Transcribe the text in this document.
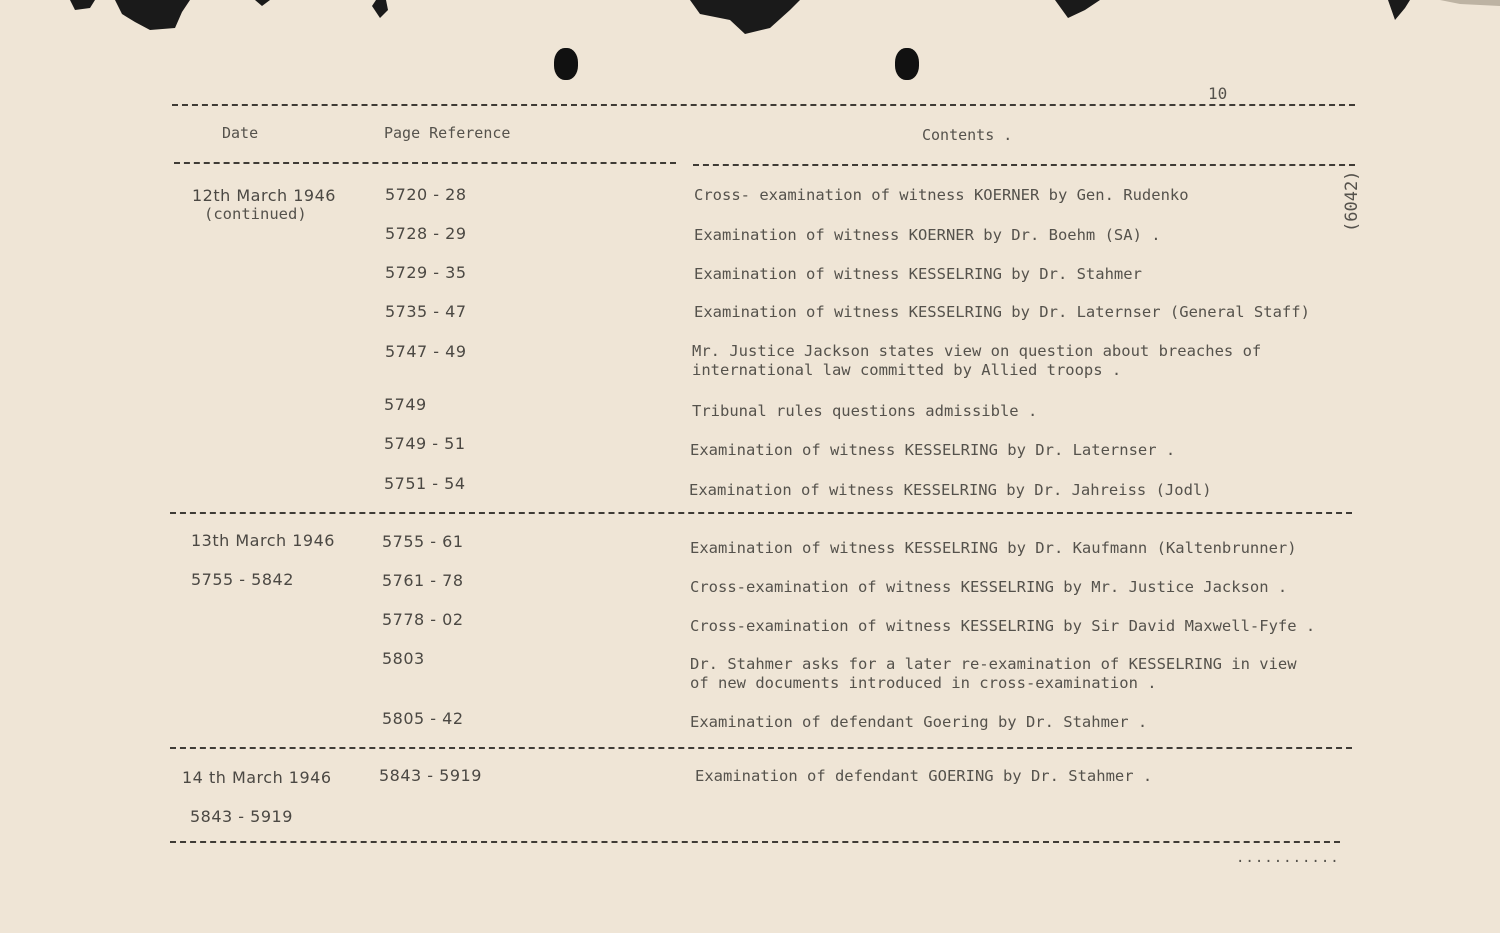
10
(6042)
Date	Page Reference	Contents .
12th March 1946
(continued)
5720 - 28	Cross- examination of witness KOERNER by Gen. Rudenko
5728 - 29	Examination of witness KOERNER by Dr. Boehm (SA) .
5729 - 35	Examination of witness KESSELRING by Dr. Stahmer
5735 - 47	Examination of witness KESSELRING by Dr. Laternser (General Staff)
5747 - 49	Mr. Justice Jackson states view on question about breaches of
international law committed by Allied troops .
5749	Tribunal rules questions admissible .
5749 - 51	Examination of witness KESSELRING by Dr. Laternser .
5751 - 54	Examination of witness KESSELRING by Dr. Jahreiss (Jodl)
13th March 1946
5755 - 5842
5755 - 61	Examination of witness KESSELRING by Dr. Kaufmann (Kaltenbrunner)
5761 - 78	Cross-examination of witness KESSELRING by Mr. Justice Jackson .
5778 - 02	Cross-examination of witness KESSELRING by Sir David Maxwell-Fyfe .
5803	Dr. Stahmer asks for a later re-examination of KESSELRING in view
of new documents introduced in cross-examination .
5805 - 42	Examination of defendant Goering by Dr. Stahmer .
14 th March 1946
5843 - 5919
5843 - 5919	Examination of defendant GOERING by Dr. Stahmer .
...........
